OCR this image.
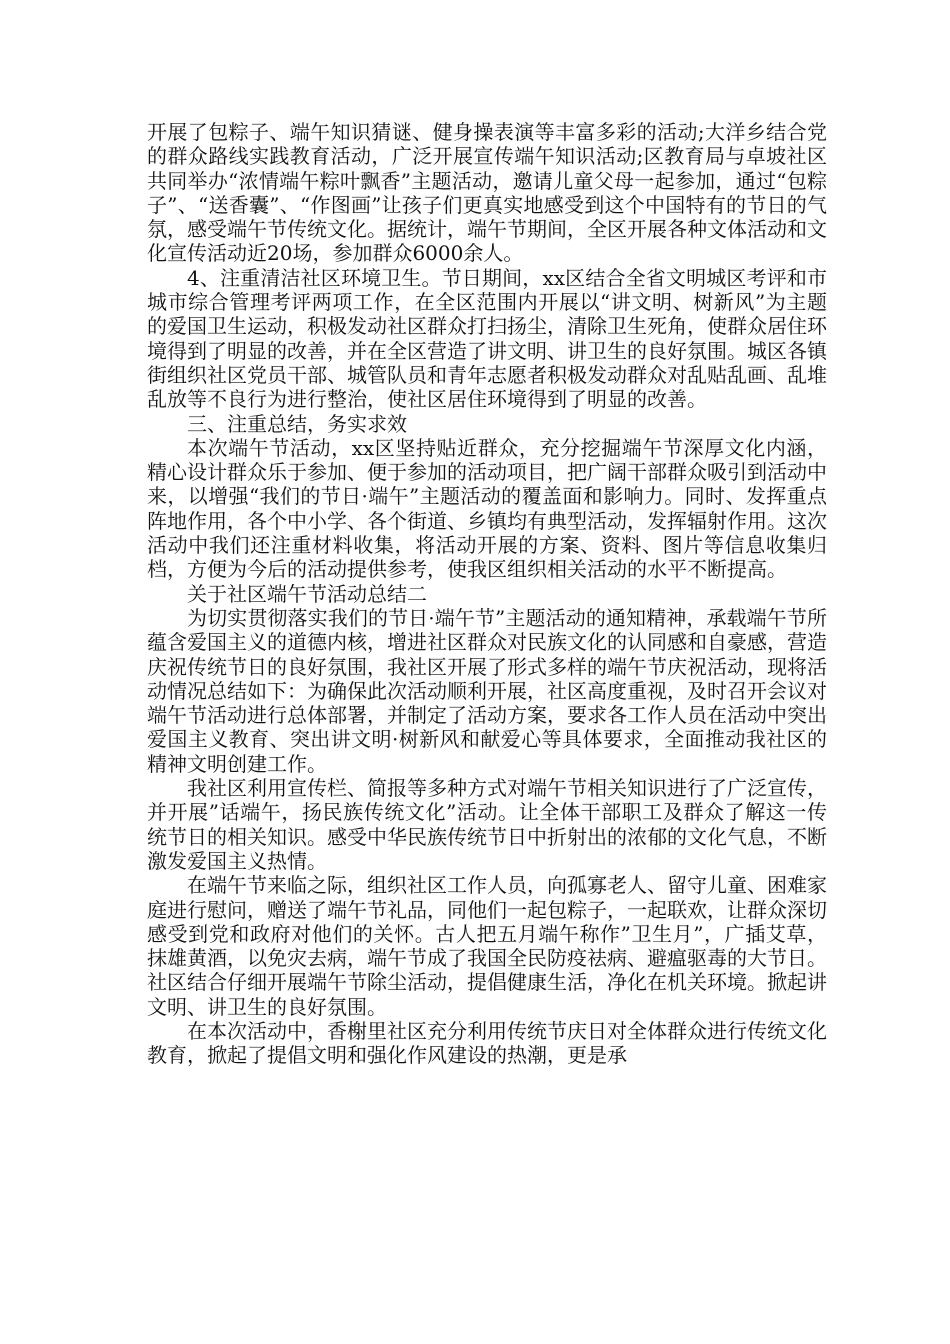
开展了包粽子、端午知识猜谜、健身操表演等丰富多彩的活动;大洋乡结合党的群众路线实践教育活动，广泛开展宣传端午知识活动;区教育局与卓坡社区共同举办“浓情端午粽叶飘香”主题活动，邀请儿童父母一起参加，通过“包粽子”、“送香囊”、“作图画”让孩子们更真实地感受到这个中国特有的节日的气氛，感受端午节传统文化。据统计，端午节期间，全区开展各种文体活动和文化宣传活动近20场，参加群众6000余人。

4、注重清洁社区环境卫生。节日期间，xx区结合全省文明城区考评和市城市综合管理考评两项工作，在全区范围内开展以“讲文明、树新风”为主题的爱国卫生运动，积极发动社区群众打扫扬尘，清除卫生死角，使群众居住环境得到了明显的改善，并在全区营造了讲文明、讲卫生的良好氛围。城区各镇街组织社区党员干部、城管队员和青年志愿者积极发动群众对乱贴乱画、乱堆乱放等不良行为进行整治，使社区居住环境得到了明显的改善。

三、注重总结，务实求效

本次端午节活动，xx区坚持贴近群众，充分挖掘端午节深厚文化内涵，精心设计群众乐于参加、便于参加的活动项目，把广阔干部群众吸引到活动中来，以增强“我们的节日·端午”主题活动的覆盖面和影响力。同时、发挥重点阵地作用，各个中小学、各个街道、乡镇均有典型活动，发挥辐射作用。这次活动中我们还注重材料收集，将活动开展的方案、资料、图片等信息收集归档，方便为今后的活动提供参考，使我区组织相关活动的水平不断提高。

关于社区端午节活动总结二

为切实贯彻落实我们的节日·端午节”主题活动的通知精神，承载端午节所蕴含爱国主义的道德内核，增进社区群众对民族文化的认同感和自豪感，营造庆祝传统节日的良好氛围，我社区开展了形式多样的端午节庆祝活动，现将活动情况总结如下：为确保此次活动顺利开展，社区高度重视，及时召开会议对端午节活动进行总体部署，并制定了活动方案，要求各工作人员在活动中突出爱国主义教育、突出讲文明·树新风和献爱心等具体要求，全面推动我社区的精神文明创建工作。

我社区利用宣传栏、简报等多种方式对端午节相关知识进行了广泛宣传，并开展”话端午，扬民族传统文化”活动。让全体干部职工及群众了解这一传统节日的相关知识。感受中华民族传统节日中折射出的浓郁的文化气息，不断激发爱国主义热情。

在端午节来临之际，组织社区工作人员，向孤寡老人、留守儿童、困难家庭进行慰问，赠送了端午节礼品，同他们一起包粽子，一起联欢，让群众深切感受到党和政府对他们的关怀。古人把五月端午称作”卫生月”，广插艾草，抹雄黄酒，以免灾去病，端午节成了我国全民防疫祛病、避瘟驱毒的大节日。社区结合仔细开展端午节除尘活动，提倡健康生活，净化在机关环境。掀起讲文明、讲卫生的良好氛围。

在本次活动中，香榭里社区充分利用传统节庆日对全体群众进行传统文化教育，掀起了提倡文明和强化作风建设的热潮，更是承
